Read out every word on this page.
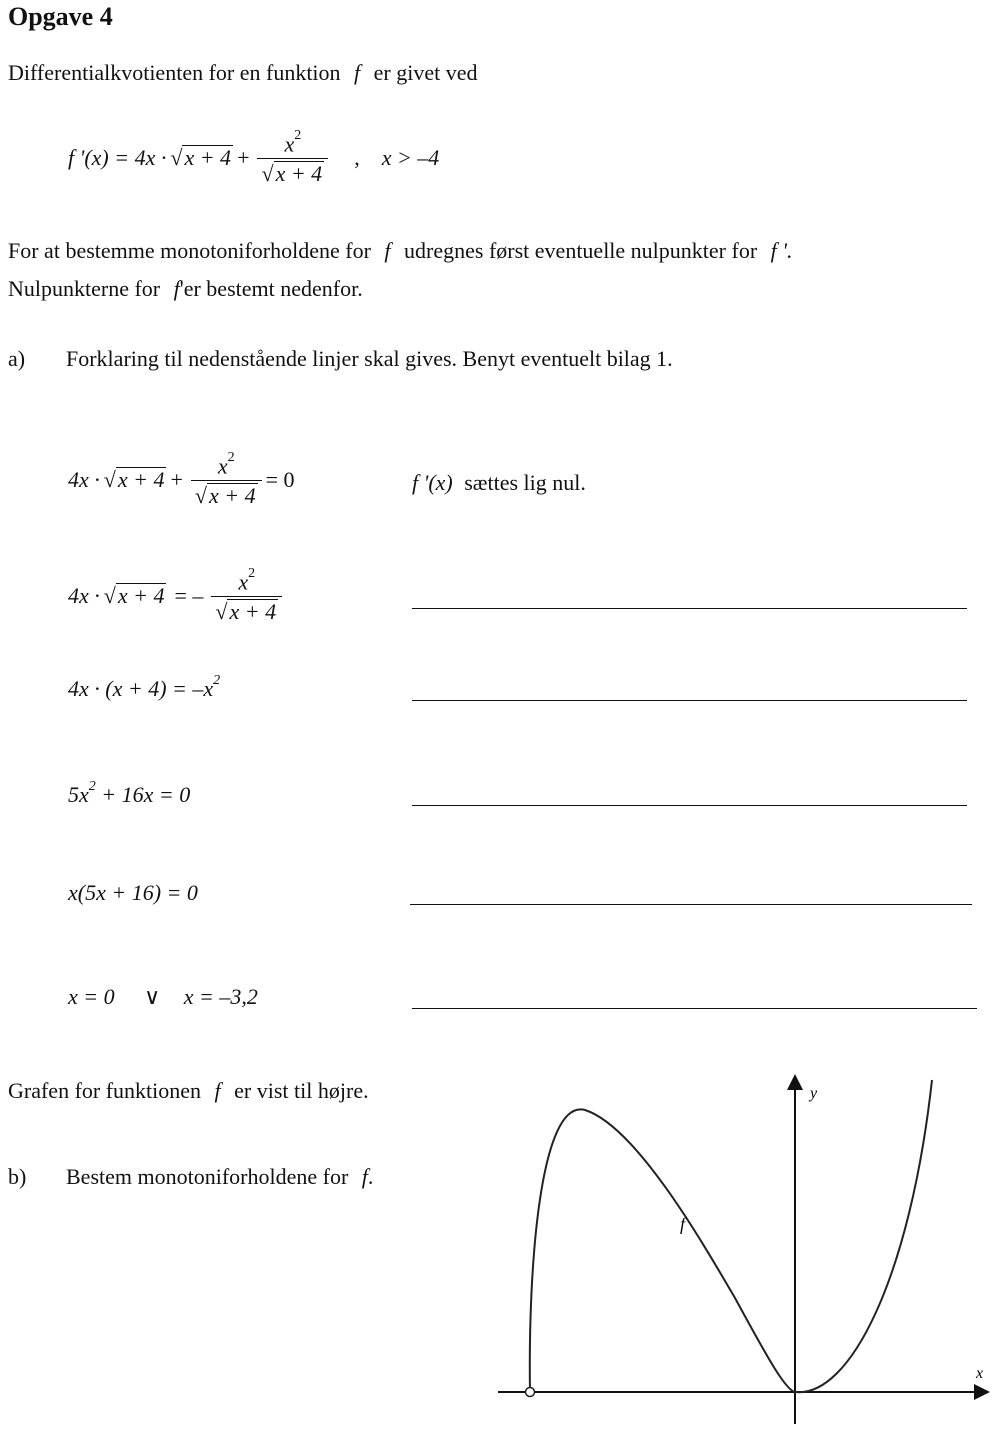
Opgave 4
Differentialkvotienten for en funktion f er givet ved
f '$(x) = 4x \cdot √x + 4 + \frac{x^2}{√x + 4}$ , x > –4
For at bestemme monotoniforholdene for f udregnes først eventuelle nulpunkter for f '.
Nulpunkterne for f'er bestemt nedenfor.
a) Forklaring til nedenstående linjer skal gives. Benyt eventuelt bilag 1.
$4x \cdot √x + 4 + \frac{x^2}{√x + 4} = 0$	f '(x) sættes lig nul.
4x · √x + 4 = – $\frac{x^2}{√x + 4}$
$4x \cdot (x + 4) = -x^2$
$5x^2 + 16x = 0$
x(5x + 16) = 0
x = 0 ∨ x = –3,2
Grafen for funktionen f er vist til højre.
b) Bestem monotoniforholdene for f.
y
x
f
